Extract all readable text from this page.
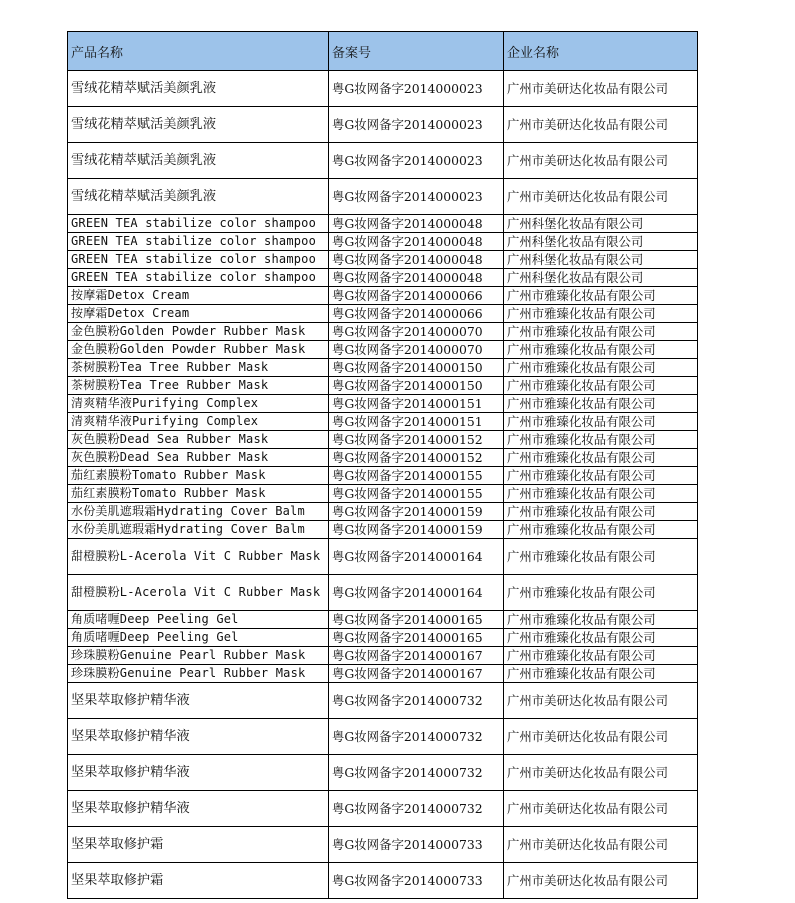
产品名称	备案号	企业名称
雪绒花精萃赋活美颜乳液	粤G妆网备字2014000023	广州市美研达化妆品有限公司
雪绒花精萃赋活美颜乳液	粤G妆网备字2014000023	广州市美研达化妆品有限公司
雪绒花精萃赋活美颜乳液	粤G妆网备字2014000023	广州市美研达化妆品有限公司
雪绒花精萃赋活美颜乳液	粤G妆网备字2014000023	广州市美研达化妆品有限公司
GREEN TEA stabilize color shampoo	粤G妆网备字2014000048	广州科堡化妆品有限公司
GREEN TEA stabilize color shampoo	粤G妆网备字2014000048	广州科堡化妆品有限公司
GREEN TEA stabilize color shampoo	粤G妆网备字2014000048	广州科堡化妆品有限公司
GREEN TEA stabilize color shampoo	粤G妆网备字2014000048	广州科堡化妆品有限公司
按摩霜Detox Cream	粤G妆网备字2014000066	广州市雅臻化妆品有限公司
按摩霜Detox Cream	粤G妆网备字2014000066	广州市雅臻化妆品有限公司
金色膜粉Golden Powder Rubber Mask	粤G妆网备字2014000070	广州市雅臻化妆品有限公司
金色膜粉Golden Powder Rubber Mask	粤G妆网备字2014000070	广州市雅臻化妆品有限公司
茶树膜粉Tea Tree Rubber Mask	粤G妆网备字2014000150	广州市雅臻化妆品有限公司
茶树膜粉Tea Tree Rubber Mask	粤G妆网备字2014000150	广州市雅臻化妆品有限公司
清爽精华液Purifying Complex	粤G妆网备字2014000151	广州市雅臻化妆品有限公司
清爽精华液Purifying Complex	粤G妆网备字2014000151	广州市雅臻化妆品有限公司
灰色膜粉Dead Sea Rubber Mask	粤G妆网备字2014000152	广州市雅臻化妆品有限公司
灰色膜粉Dead Sea Rubber Mask	粤G妆网备字2014000152	广州市雅臻化妆品有限公司
茄红素膜粉Tomato Rubber Mask	粤G妆网备字2014000155	广州市雅臻化妆品有限公司
茄红素膜粉Tomato Rubber Mask	粤G妆网备字2014000155	广州市雅臻化妆品有限公司
水份美肌遮瑕霜Hydrating Cover Balm	粤G妆网备字2014000159	广州市雅臻化妆品有限公司
水份美肌遮瑕霜Hydrating Cover Balm	粤G妆网备字2014000159	广州市雅臻化妆品有限公司
甜橙膜粉L-Acerola Vit C Rubber Mask	粤G妆网备字2014000164	广州市雅臻化妆品有限公司
甜橙膜粉L-Acerola Vit C Rubber Mask	粤G妆网备字2014000164	广州市雅臻化妆品有限公司
角质啫喱Deep Peeling Gel	粤G妆网备字2014000165	广州市雅臻化妆品有限公司
角质啫喱Deep Peeling Gel	粤G妆网备字2014000165	广州市雅臻化妆品有限公司
珍珠膜粉Genuine Pearl Rubber Mask	粤G妆网备字2014000167	广州市雅臻化妆品有限公司
珍珠膜粉Genuine Pearl Rubber Mask	粤G妆网备字2014000167	广州市雅臻化妆品有限公司
坚果萃取修护精华液	粤G妆网备字2014000732	广州市美研达化妆品有限公司
坚果萃取修护精华液	粤G妆网备字2014000732	广州市美研达化妆品有限公司
坚果萃取修护精华液	粤G妆网备字2014000732	广州市美研达化妆品有限公司
坚果萃取修护精华液	粤G妆网备字2014000732	广州市美研达化妆品有限公司
坚果萃取修护霜	粤G妆网备字2014000733	广州市美研达化妆品有限公司
坚果萃取修护霜	粤G妆网备字2014000733	广州市美研达化妆品有限公司
